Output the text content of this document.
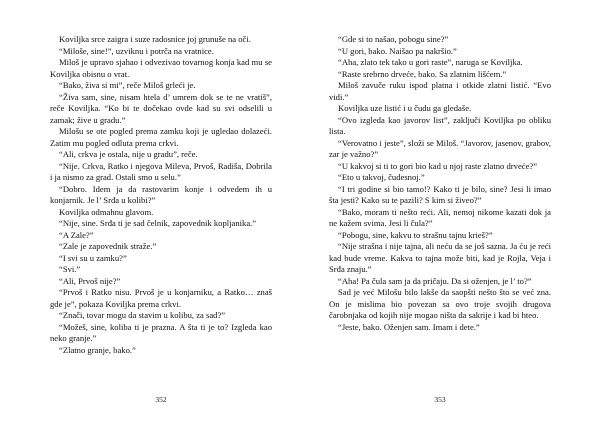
Koviljka srce zaigra i suze radosnice joj grunuše na oči.

“Miloše, sine!”, uzviknu i potrča na vratnice.

Miloš je upravo sjahao i odvezivao tovarnog konja kad mu se Koviljka obisnu o vrat.

“Bako, živa si mi”, reče Miloš grleći je.

“Živa sam, sine, nisam htela d’ umrem dok se te ne vratiš”, reče Koviljka. “Ko bi te dočekao ovde kad su svi odselili u zamak; živе u gradu.”

Milošu se ote pogled prema zamku koji je ugledao dolazeći. Zatim mu pogled odluta prema crkvi.

“Ali, crkva je ostala, nije u gradu”, reče.

“Nije. Crkva, Ratko i njegova Mileva, Prvoš, Radiša, Dobrila i ja nismo za grad. Ostali smo u selu.”

“Dobro. Idem ja da rastovarim konje i odvedem ih u konjarnik. Je l’ Srđa u kolibi?”

Koviljka odmahnu glavom.

“Nije, sine. Srđa ti je sad čelnik, zapovednik kopljanika.”

“A Zale?”

“Zale je zapovednik straže.”

“I svi su u zamku?”

“Svi.”

“Ali, Prvoš nije?”

“Prvoš i Ratko nisu. Prvoš je u konjarniku, a Ratko… znaš gde je”, pokaza Koviljka prema crkvi.

“Znači, tovar mogu da stavim u kolibu, za sad?”

“Možeš, sine, koliba ti je prazna. A šta ti je to? Izgleda kao neko granje.”

“Zlatno granje, bako.”

“Gde si to našao, pobogu sine?”

“U gori, bako. Naišao pa nakršio.”

“Aha, zlato tek tako u gori raste”, naruga se Koviljka.

“Raste srebrno drveće, bako. Sa zlatnim lišćem.”

Miloš zavuče ruku ispod platna i otkide zlatni listić. “Evo vidi.”

Koviljka uze listić i u čudu ga gledaše.

“Ovo izgleda kao javorov list”, zaključi Koviljka po obliku lista.

“Verovatno i jeste”, složi se Miloš. “Javorov, jasenov, grabov, zar je važno?”

“U kakvoj si ti to gori bio kad u njoj raste zlatno drveće?”

“Eto u takvoj, čudesnoj.”

“I tri godine si bio tamo!? Kako ti je bilo, sine? Jesi li imao šta jesti? Kako su te pazili? S kim si živeo?”

“Bako, moram ti nešto reći. Ali, nemoj nikome kazati dok ja ne kažem svima. Jesi li čula?”

“Pobogu, sine, kakvu to strašnu tajnu krieš?”

“Nije strašna i nije tajna, ali neću da se još sazna. Ja ću je reći kad bude vreme. Kakva to tajna može biti, kad je Rojla, Veja i Srđa znaju.”

“Aha! Pa čula sam ja da pričaju. Da si oženjen, je l’ to?”

Sad je već Milošu bilo lakše da saopšti nešto što se već zna. On je mislima bio povezan sa ovo troje svojih drugova čarobnjaka od kojih nije mogao ništa da sakrije i kad bi hteo.

“Jeste, bako. Oženjen sam. Imam i dete.”

352	353
